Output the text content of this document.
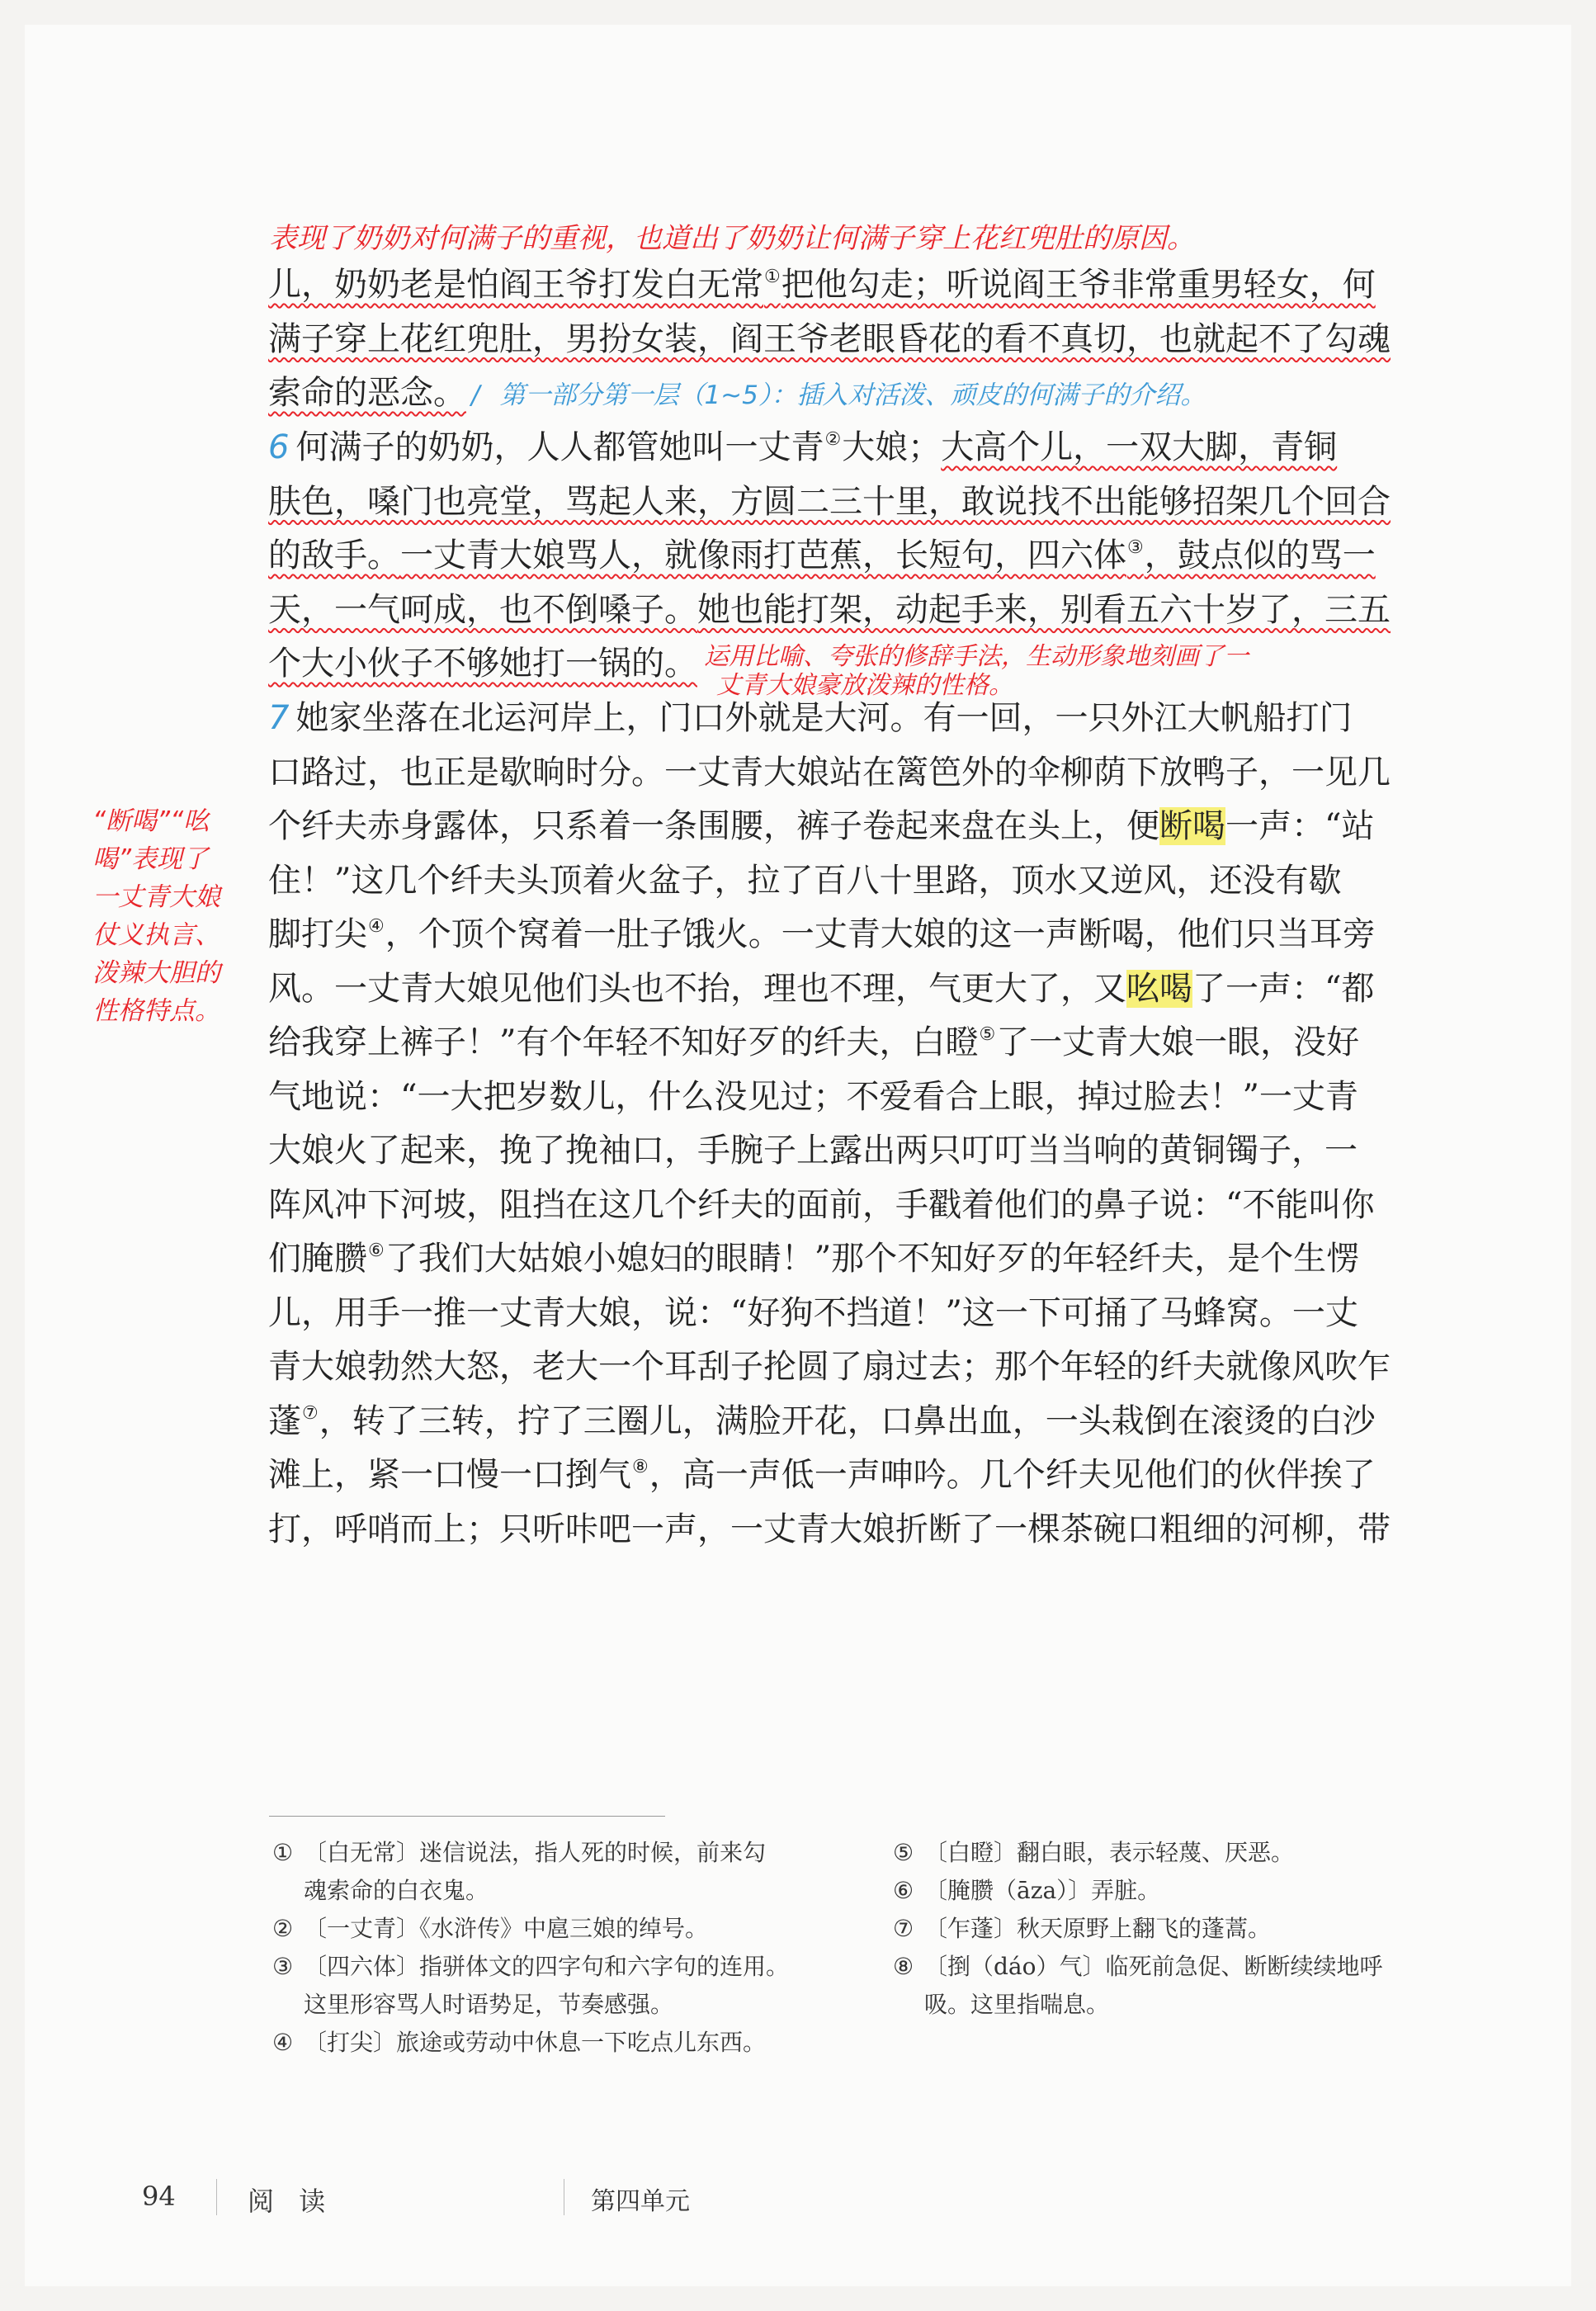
表现了奶奶对何满子的重视，也道出了奶奶让何满子穿上花红兜肚的原因。
儿，奶奶老是怕阎王爷打发白无常①把他勾走；听说阎王爷非常重男轻女，何
满子穿上花红兜肚，男扮女装，阎王爷老眼昏花的看不真切，也就起不了勾魂
索命的恶念。 / 第一部分第一层（1~5）：插入对活泼、顽皮的何满子的介绍。
6 何满子的奶奶，人人都管她叫一丈青②大娘；大高个儿，一双大脚，青铜
肤色，嗓门也亮堂，骂起人来，方圆二三十里，敢说找不出能够招架几个回合
的敌手。一丈青大娘骂人，就像雨打芭蕉，长短句，四六体③，鼓点似的骂一
天，一气呵成，也不倒嗓子。她也能打架，动起手来，别看五六十岁了，三五
个大小伙子不够她打一锅的。 $^{运用比喻、夸张的修辞手法,生动形象地刻画了一}$
丈青大娘豪放泼辣的性格。
7 她家坐落在北运河岸上，门口外就是大河。有一回，一只外江大帆船打门
口路过，也正是歇晌时分。一丈青大娘站在篱笆外的伞柳荫下放鸭子，一见几
个纤夫赤身露体，只系着一条围腰，裤子卷起来盘在头上，便断喝一声：“站
住！”这几个纤夫头顶着火盆子，拉了百八十里路，顶水又逆风，还没有歇
脚打尖④，个顶个窝着一肚子饿火。一丈青大娘的这一声断喝，他们只当耳旁
风。一丈青大娘见他们头也不抬，理也不理，气更大了，又吆喝了一声：“都
给我穿上裤子！”有个年轻不知好歹的纤夫，白瞪⑤了一丈青大娘一眼，没好
气地说：“一大把岁数儿，什么没见过；不爱看合上眼，掉过脸去！”一丈青
大娘火了起来，挽了挽袖口，手腕子上露出两只叮叮当当响的黄铜镯子，一
阵风冲下河坡，阻挡在这几个纤夫的面前，手戳着他们的鼻子说：“不能叫你
们腌臜⑥了我们大姑娘小媳妇的眼睛！”那个不知好歹的年轻纤夫，是个生愣
儿，用手一推一丈青大娘，说：“好狗不挡道！”这一下可捅了马蜂窝。一丈
青大娘勃然大怒，老大一个耳刮子抡圆了扇过去；那个年轻的纤夫就像风吹乍
蓬⑦，转了三转，拧了三圈儿，满脸开花，口鼻出血，一头栽倒在滚烫的白沙
滩上，紧一口慢一口捯气⑧，高一声低一声呻吟。几个纤夫见他们的伙伴挨了
打，呼哨而上；只听咔吧一声，一丈青大娘折断了一棵茶碗口粗细的河柳，带
“断喝”“吆
喝”表现了
一丈青大娘
仗义执言、
泼辣大胆的
性格特点。
① 〔白无常〕迷信说法，指人死的时候，前来勾
魂索命的白衣鬼。
② 〔一丈青〕《水浒传》中扈三娘的绰号。
③ 〔四六体〕指骈体文的四字句和六字句的连用。
这里形容骂人时语势足，节奏感强。
④ 〔打尖〕旅途或劳动中休息一下吃点儿东西。
⑤ 〔白瞪〕翻白眼，表示轻蔑、厌恶。
⑥ 〔腌臜（āza）〕弄脏。
⑦ 〔乍蓬〕秋天原野上翻飞的蓬蒿。
⑧ 〔捯（dáo）气〕临死前急促、断断续续地呼
吸。这里指喘息。
94	阅 读	第四单元
